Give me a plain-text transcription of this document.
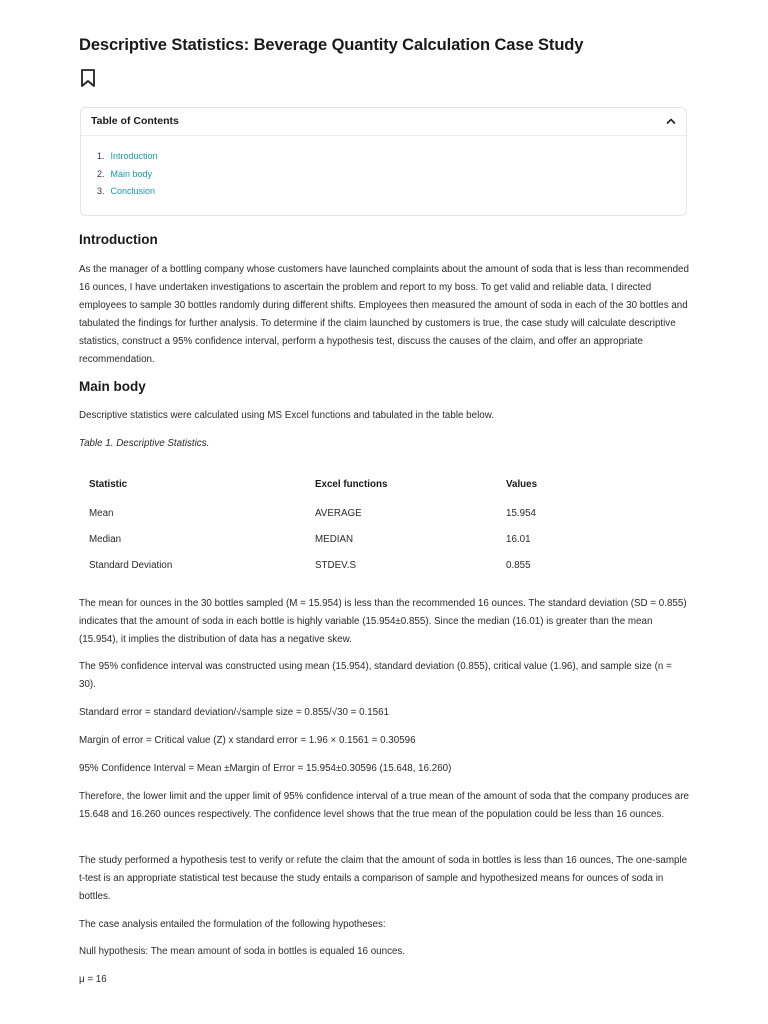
Descriptive Statistics: Beverage Quantity Calculation Case Study
Table of Contents
1. Introduction
2. Main body
3. Conclusion
Introduction

As the manager of a bottling company whose customers have launched complaints about the amount of soda that is less than recommended 16 ounces, I have undertaken investigations to ascertain the problem and report to my boss. To get valid and reliable data, I directed employees to sample 30 bottles randomly during different shifts. Employees then measured the amount of soda in each of the 30 bottles and tabulated the findings for further analysis. To determine if the claim launched by customers is true, the case study will calculate descriptive statistics, construct a 95% confidence interval, perform a hypothesis test, discuss the causes of the claim, and offer an appropriate recommendation.

Main body

Descriptive statistics were calculated using MS Excel functions and tabulated in the table below.

Table 1. Descriptive Statistics.

Statistic	Excel functions	Values

Mean	AVERAGE	15.954
Median	MEDIAN	16.01
Standard Deviation	STDEV.S	0.855

The mean for ounces in the 30 bottles sampled (M = 15.954) is less than the recommended 16 ounces. The standard deviation (SD = 0.855) indicates that the amount of soda in each bottle is highly variable (15.954±0.855). Since the median (16.01) is greater than the mean (15.954), it implies the distribution of data has a negative skew.

The 95% confidence interval was constructed using mean (15.954), standard deviation (0.855), critical value (1.96), and sample size (n = 30).

Standard error = standard deviation/√sample size = 0.855/√30 = 0.1561

Margin of error = Critical value (Z) x standard error = 1.96 × 0.1561 = 0.30596

95% Confidence Interval = Mean ±Margin of Error = 15.954±0.30596 (15.648, 16.260)

Therefore, the lower limit and the upper limit of 95% confidence interval of a true mean of the amount of soda that the company produces are 15.648 and 16.260 ounces respectively. The confidence level shows that the true mean of the population could be less than 16 ounces.

The study performed a hypothesis test to verify or refute the claim that the amount of soda in bottles is less than 16 ounces, The one-sample t-test is an appropriate statistical test because the study entails a comparison of sample and hypothesized means for ounces of soda in bottles.

The case analysis entailed the formulation of the following hypotheses:

Null hypothesis: The mean amount of soda in bottles is equaled 16 ounces.

μ = 16
